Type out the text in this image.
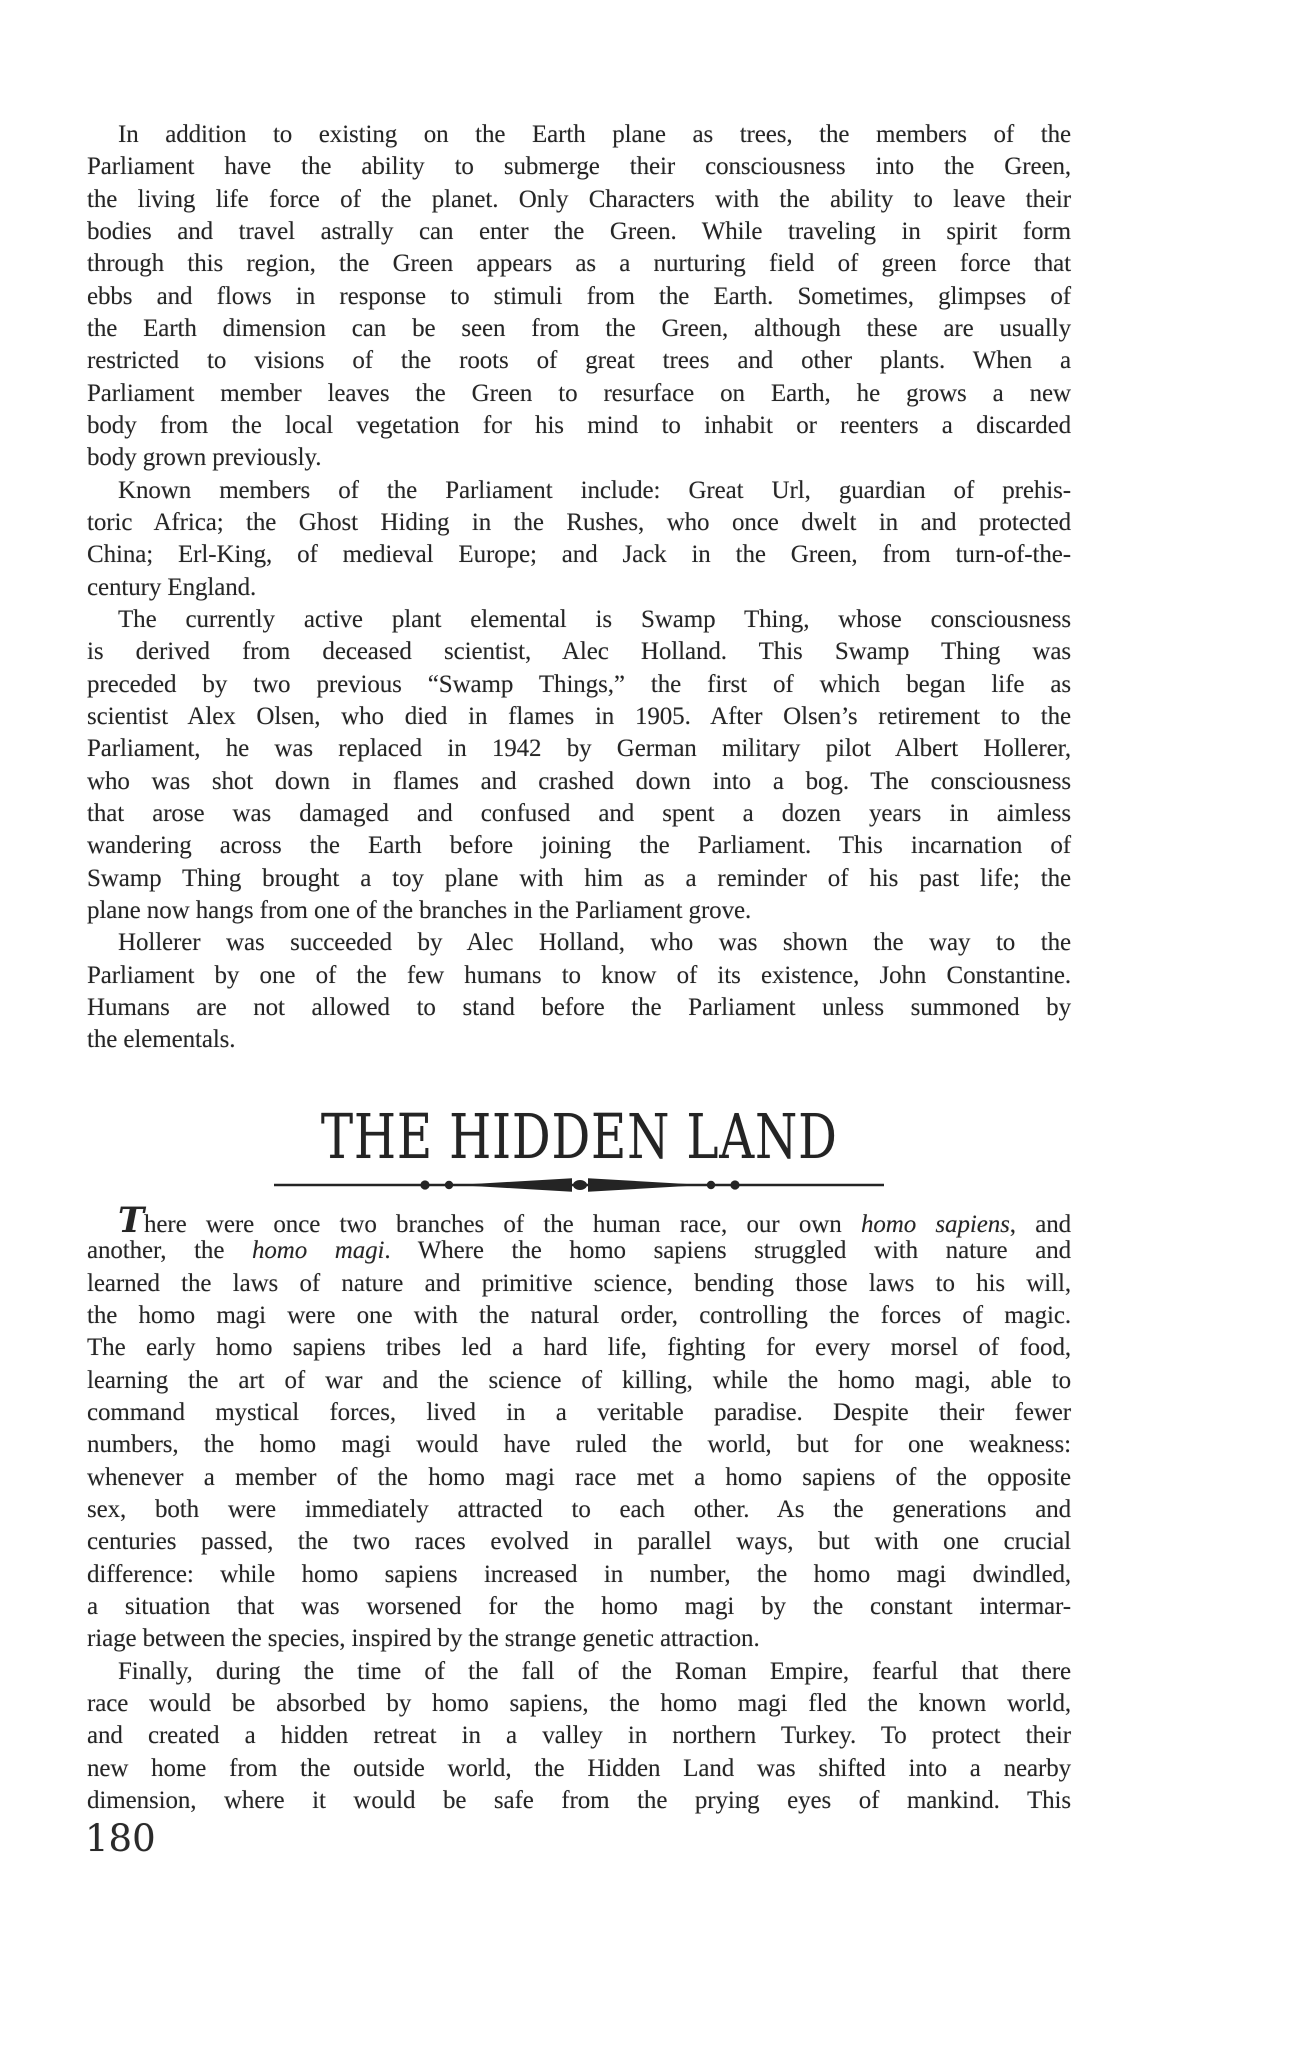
In addition to existing on the Earth plane as trees, the members of the
Parliament have the ability to submerge their consciousness into the Green,
the living life force of the planet. Only Characters with the ability to leave their
bodies and travel astrally can enter the Green. While traveling in spirit form
through this region, the Green appears as a nurturing field of green force that
ebbs and flows in response to stimuli from the Earth. Sometimes, glimpses of
the Earth dimension can be seen from the Green, although these are usually
restricted to visions of the roots of great trees and other plants. When a
Parliament member leaves the Green to resurface on Earth, he grows a new
body from the local vegetation for his mind to inhabit or reenters a discarded
body grown previously.
Known members of the Parliament include: Great Url, guardian of prehis-
toric Africa; the Ghost Hiding in the Rushes, who once dwelt in and protected
China; Erl-King, of medieval Europe; and Jack in the Green, from turn-of-the-
century England.
The currently active plant elemental is Swamp Thing, whose consciousness
is derived from deceased scientist, Alec Holland. This Swamp Thing was
preceded by two previous “Swamp Things,” the first of which began life as
scientist Alex Olsen, who died in flames in 1905. After Olsen’s retirement to the
Parliament, he was replaced in 1942 by German military pilot Albert Hollerer,
who was shot down in flames and crashed down into a bog. The consciousness
that arose was damaged and confused and spent a dozen years in aimless
wandering across the Earth before joining the Parliament. This incarnation of
Swamp Thing brought a toy plane with him as a reminder of his past life; the
plane now hangs from one of the branches in the Parliament grove.
Hollerer was succeeded by Alec Holland, who was shown the way to the
Parliament by one of the few humans to know of its existence, John Constantine.
Humans are not allowed to stand before the Parliament unless summoned by
the elementals.
THE HIDDEN LAND
There were once two branches of the human race, our own homo sapiens, and
another, the homo magi. Where the homo sapiens struggled with nature and
learned the laws of nature and primitive science, bending those laws to his will,
the homo magi were one with the natural order, controlling the forces of magic.
The early homo sapiens tribes led a hard life, fighting for every morsel of food,
learning the art of war and the science of killing, while the homo magi, able to
command mystical forces, lived in a veritable paradise. Despite their fewer
numbers, the homo magi would have ruled the world, but for one weakness:
whenever a member of the homo magi race met a homo sapiens of the opposite
sex, both were immediately attracted to each other. As the generations and
centuries passed, the two races evolved in parallel ways, but with one crucial
difference: while homo sapiens increased in number, the homo magi dwindled,
a situation that was worsened for the homo magi by the constant intermar-
riage between the species, inspired by the strange genetic attraction.
Finally, during the time of the fall of the Roman Empire, fearful that there
race would be absorbed by homo sapiens, the homo magi fled the known world,
and created a hidden retreat in a valley in northern Turkey. To protect their
new home from the outside world, the Hidden Land was shifted into a nearby
dimension, where it would be safe from the prying eyes of mankind. This
180
